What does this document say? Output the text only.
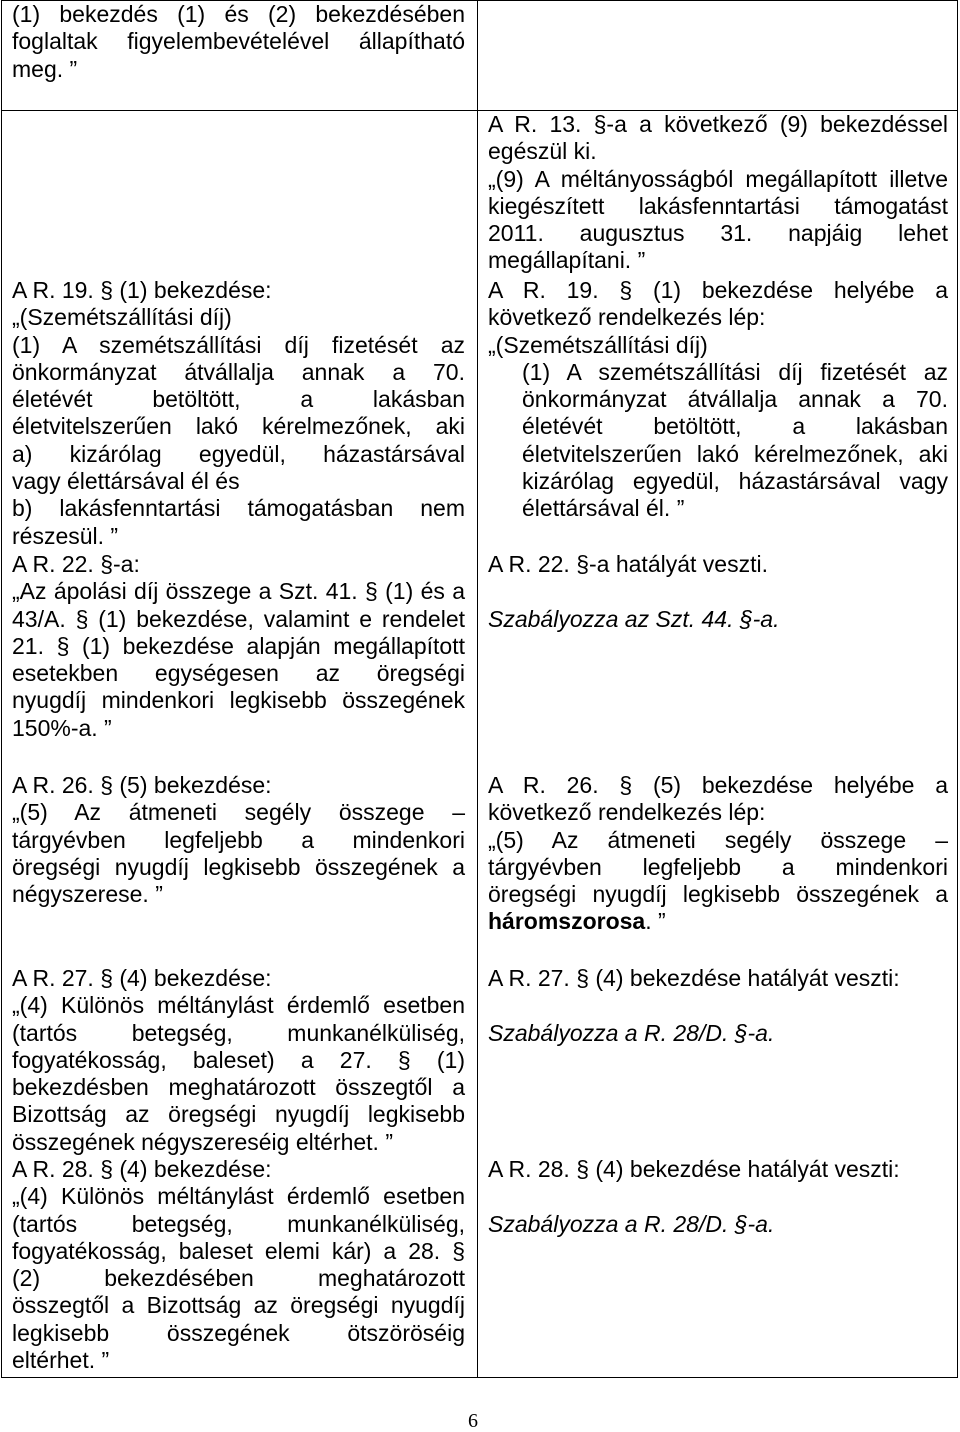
(1) bekezdés (1) és (2) bekezdésében
foglaltak figyelembevételével állapítható
meg. ”
A R. 19. § (1) bekezdése:
„(Szemétszállítási díj)
(1) A szemétszállítási díj fizetését az
önkormányzat átvállalja annak a 70.
életévét betöltött, a lakásban
életvitelszerűen lakó kérelmezőnek, aki
a) kizárólag egyedül, házastársával
vagy élettársával él és
b) lakásfenntartási támogatásban nem
részesül. ”
A R. 22. §-a:
„Az ápolási díj összege a Szt. 41. § (1) és a
43/A. § (1) bekezdése, valamint e rendelet
21. § (1) bekezdése alapján megállapított
esetekben egységesen az öregségi
nyugdíj mindenkori legkisebb összegének
150%-a. ”
A R. 26. § (5) bekezdése:
„(5) Az átmeneti segély összege –
tárgyévben legfeljebb a mindenkori
öregségi nyugdíj legkisebb összegének a
négyszerese. ”
A R. 27. § (4) bekezdése:
„(4) Különös méltánylást érdemlő esetben
(tartós betegség, munkanélküliség,
fogyatékosság, baleset) a 27. § (1)
bekezdésben meghatározott összegtől a
Bizottság az öregségi nyugdíj legkisebb
összegének négyszereséig eltérhet. ”
A R. 28. § (4) bekezdése:
„(4) Különös méltánylást érdemlő esetben
(tartós betegség, munkanélküliség,
fogyatékosság, baleset elemi kár) a 28. §
(2) bekezdésében meghatározott
összegtől a Bizottság az öregségi nyugdíj
legkisebb összegének ötszöröséig
eltérhet. ”
A R. 13. §-a a következő (9) bekezdéssel
egészül ki.
„(9) A méltányosságból megállapított illetve
kiegészített lakásfenntartási támogatást
2011. augusztus 31. napjáig lehet
megállapítani. ”
A R. 19. § (1) bekezdése helyébe a
következő rendelkezés lép:
„(Szemétszállítási díj)
(1) A szemétszállítási díj fizetését az
önkormányzat átvállalja annak a 70.
életévét betöltött, a lakásban
életvitelszerűen lakó kérelmezőnek, aki
kizárólag egyedül, házastársával vagy
élettársával él. ”
A R. 22. §-a hatályát veszti.
Szabályozza az Szt. 44. §-a.
A R. 26. § (5) bekezdése helyébe a
következő rendelkezés lép:
„(5) Az átmeneti segély összege –
tárgyévben legfeljebb a mindenkori
öregségi nyugdíj legkisebb összegének a
háromszorosa. ”
A R. 27. § (4) bekezdése hatályát veszti:
Szabályozza a R. 28/D. §-a.
A R. 28. § (4) bekezdése hatályát veszti:
Szabályozza a R. 28/D. §-a.
6
